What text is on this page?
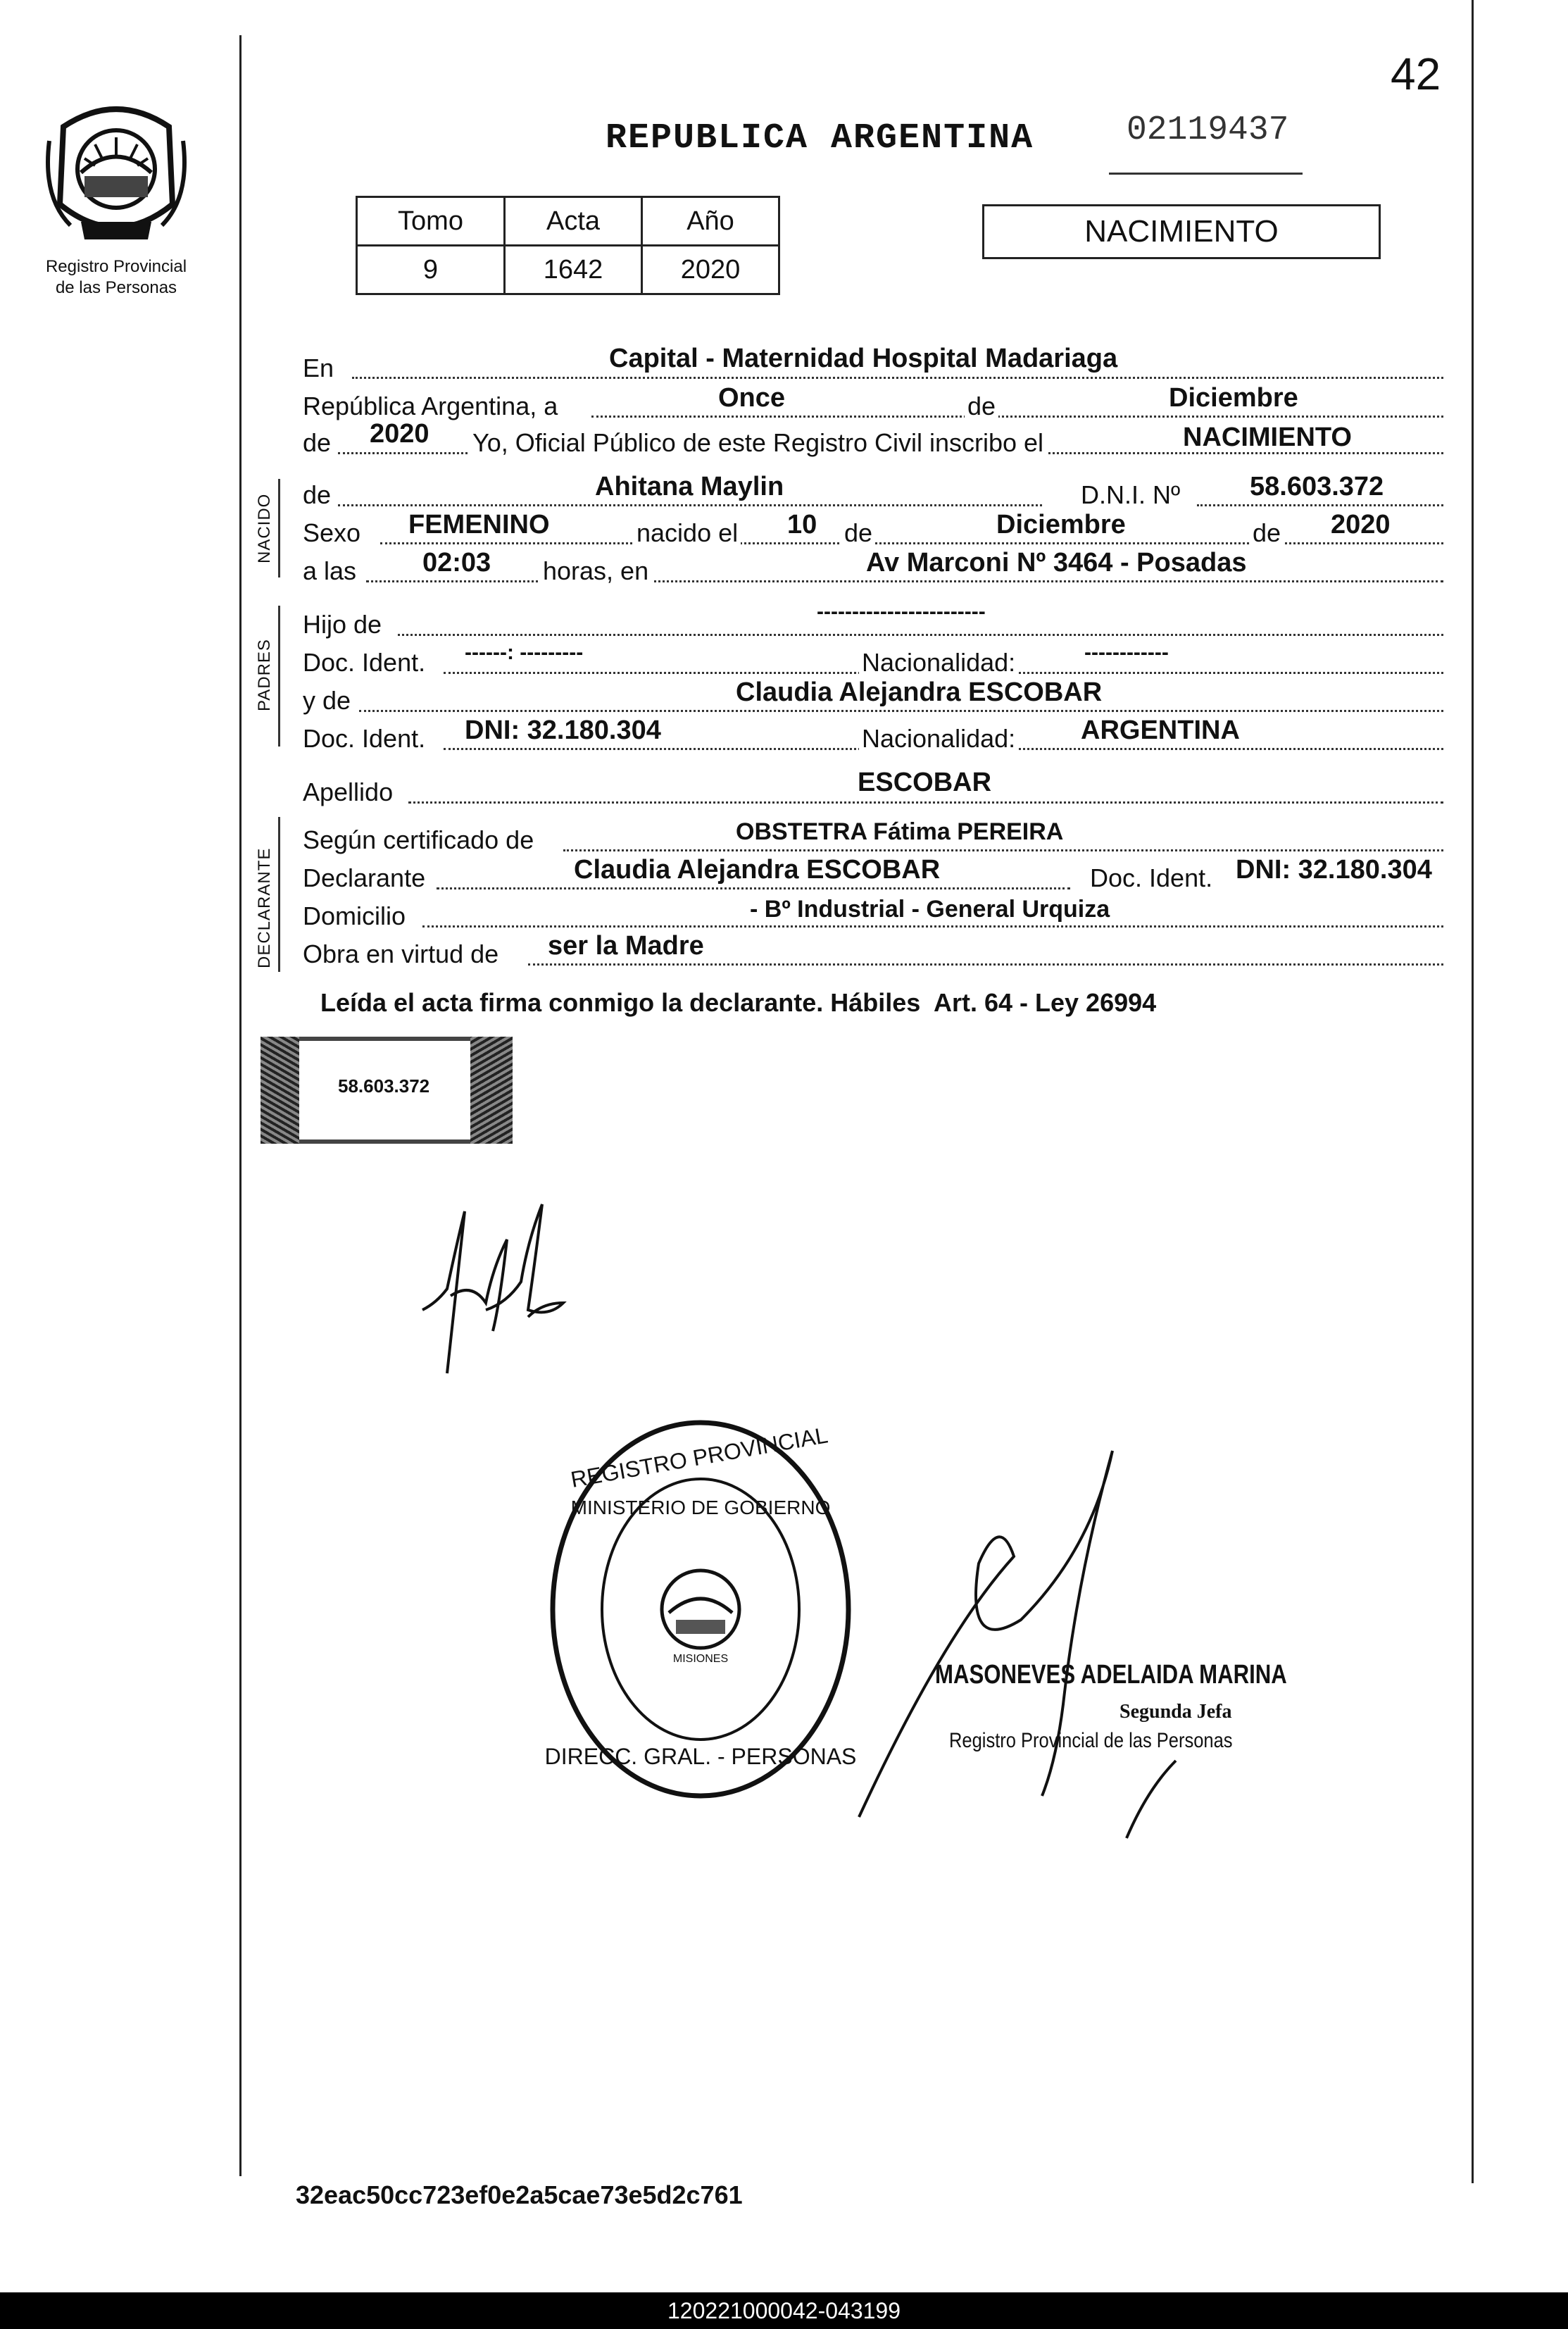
42
Registro Provincial
de las Personas
REPUBLICA ARGENTINA	02119437
Tomo	Acta	Año
9	1642	2020
NACIMIENTO
NACIDO
PADRES
DECLARANTE
En	Capital - Maternidad Hospital Madariaga
República Argentina, a	Once	de	Diciembre
de 2020 Yo, Oficial Público de este Registro Civil inscribo el	NACIMIENTO
de	Ahitana Maylin	D.N.I. Nº	58.603.372
Sexo FEMENINO	nacido el 10 de	Diciembre	de 2020
a las 02:03 horas, en	Av Marconi Nº 3464 - Posadas
Hijo de	------------------------
Doc. Ident. ------: ---------	Nacionalidad:	------------
y de	Claudia Alejandra ESCOBAR
Doc. Ident. DNI: 32.180.304	Nacionalidad: ARGENTINA
Apellido	ESCOBAR
Según certificado de	OBSTETRA Fátima PEREIRA
Declarante	Claudia Alejandra ESCOBAR	Doc. Ident. DNI: 32.180.304
Domicilio	- Bº Industrial - General Urquiza
Obra en virtud de ser la Madre
Leída el acta firma conmigo la declarante. Hábiles  Art. 64 - Ley 26994
58.603.372
REGISTRO PROVINCIAL
DIRECC. GRAL. - PERSONAS
MINISTERIO DE GOBIERNO
MISIONES
MASONEVES ADELAIDA MARINA
Segunda Jefa
Registro Provincial de las Personas
32eac50cc723ef0e2a5cae73e5d2c761
120221000042-043199
